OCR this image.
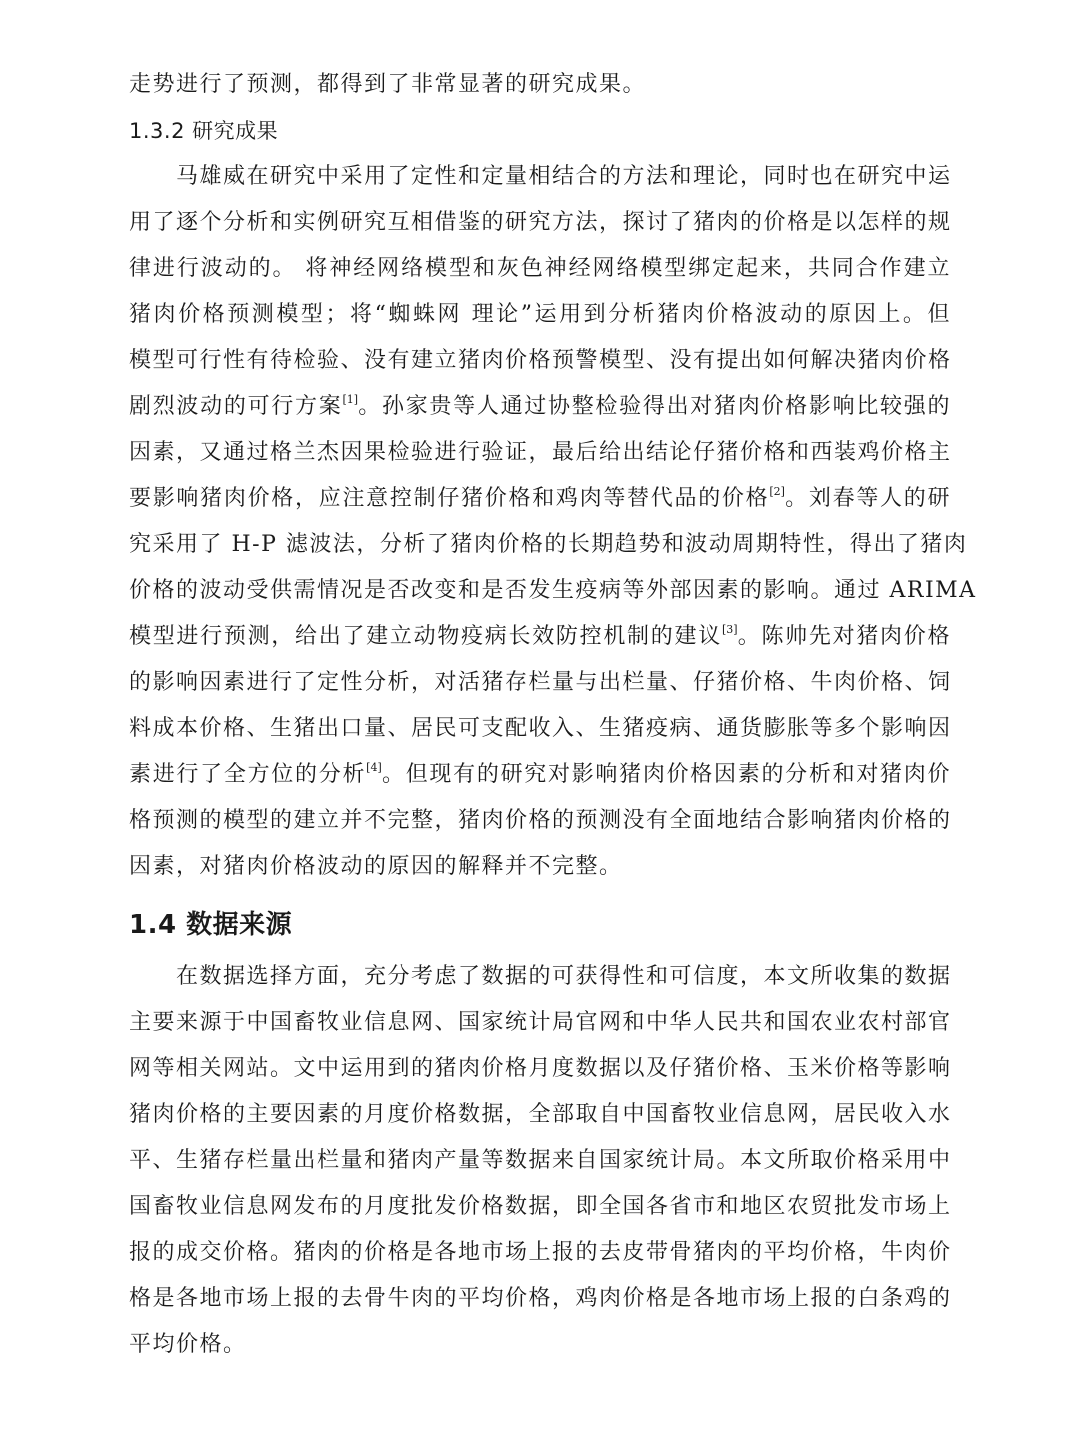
走势进行了预测，都得到了非常显著的研究成果。
1.3.2 研究成果
马雄威在研究中采用了定性和定量相结合的方法和理论，同时也在研究中运
用了逐个分析和实例研究互相借鉴的研究方法，探讨了猪肉的价格是以怎样的规
律进行波动的。 将神经网络模型和灰色神经网络模型绑定起来，共同合作建立
猪肉价格预测模型；将“蜘蛛网 理论”运用到分析猪肉价格波动的原因上。但
模型可行性有待检验、没有建立猪肉价格预警模型、没有提出如何解决猪肉价格
剧烈波动的可行方案[1]。孙家贵等人通过协整检验得出对猪肉价格影响比较强的
因素，又通过格兰杰因果检验进行验证，最后给出结论仔猪价格和西装鸡价格主
要影响猪肉价格，应注意控制仔猪价格和鸡肉等替代品的价格[2]。刘春等人的研
究采用了 H-P 滤波法，分析了猪肉价格的长期趋势和波动周期特性，得出了猪肉
价格的波动受供需情况是否改变和是否发生疫病等外部因素的影响。通过 ARIMA
模型进行预测，给出了建立动物疫病长效防控机制的建议[3]。陈帅先对猪肉价格
的影响因素进行了定性分析，对活猪存栏量与出栏量、仔猪价格、牛肉价格、饲
料成本价格、生猪出口量、居民可支配收入、生猪疫病、通货膨胀等多个影响因
素进行了全方位的分析[4]。但现有的研究对影响猪肉价格因素的分析和对猪肉价
格预测的模型的建立并不完整，猪肉价格的预测没有全面地结合影响猪肉价格的
因素，对猪肉价格波动的原因的解释并不完整。
1.4 数据来源
在数据选择方面，充分考虑了数据的可获得性和可信度，本文所收集的数据
主要来源于中国畜牧业信息网、国家统计局官网和中华人民共和国农业农村部官
网等相关网站。文中运用到的猪肉价格月度数据以及仔猪价格、玉米价格等影响
猪肉价格的主要因素的月度价格数据，全部取自中国畜牧业信息网，居民收入水
平、生猪存栏量出栏量和猪肉产量等数据来自国家统计局。本文所取价格采用中
国畜牧业信息网发布的月度批发价格数据，即全国各省市和地区农贸批发市场上
报的成交价格。猪肉的价格是各地市场上报的去皮带骨猪肉的平均价格，牛肉价
格是各地市场上报的去骨牛肉的平均价格，鸡肉价格是各地市场上报的白条鸡的
平均价格。
